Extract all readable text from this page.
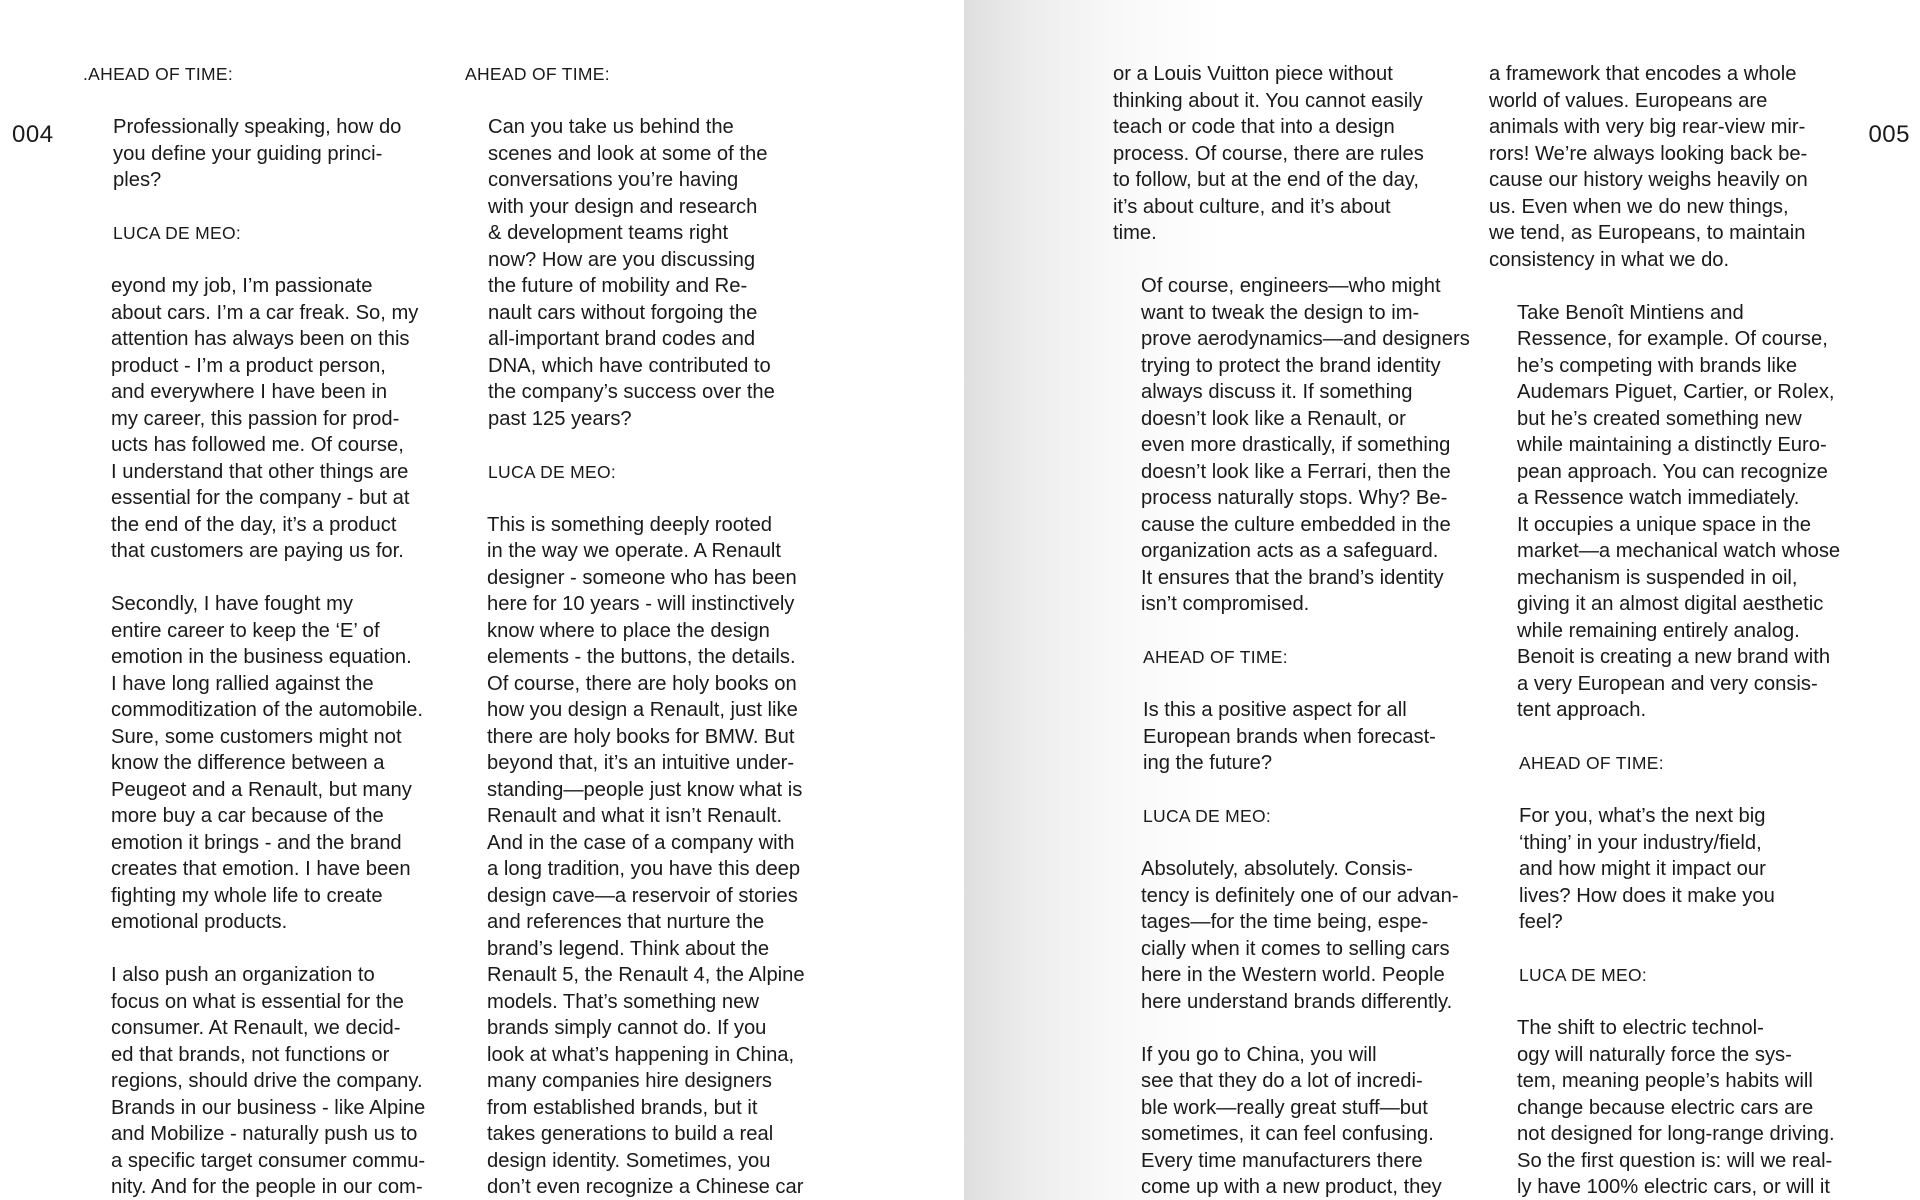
004
.AHEAD OF TIME:
Professionally speaking, how do
you define your guiding princi-
ples?
LUCA DE MEO:
eyond my job, I’m passionate
about cars. I’m a car freak. So, my
attention has always been on this
product - I’m a product person,
and everywhere I have been in
my career, this passion for prod-
ucts has followed me. Of course,
I understand that other things are
essential for the company - but at
the end of the day, it’s a product
that customers are paying us for.
Secondly, I have fought my
entire career to keep the ‘E’ of
emotion in the business equation.
I have long rallied against the
commoditization of the automobile.
Sure, some customers might not
know the difference between a
Peugeot and a Renault, but many
more buy a car because of the
emotion it brings - and the brand
creates that emotion. I have been
fighting my whole life to create
emotional products.
I also push an organization to
focus on what is essential for the
consumer. At Renault, we decid-
ed that brands, not functions or
regions, should drive the company.
Brands in our business - like Alpine
and Mobilize - naturally push us to
a specific target consumer commu-
nity. And for the people in our com-
AHEAD OF TIME:
Can you take us behind the
scenes and look at some of the
conversations you’re having
with your design and research
& development teams right
now? How are you discussing
the future of mobility and Re-
nault cars without forgoing the
all-important brand codes and
DNA, which have contributed to
the company’s success over the
past 125 years?
LUCA DE MEO:
This is something deeply rooted
in the way we operate. A Renault
designer - someone who has been
here for 10 years - will instinctively
know where to place the design
elements - the buttons, the details.
Of course, there are holy books on
how you design a Renault, just like
there are holy books for BMW. But
beyond that, it’s an intuitive under-
standing—people just know what is
Renault and what it isn’t Renault.
And in the case of a company with
a long tradition, you have this deep
design cave—a reservoir of stories
and references that nurture the
brand’s legend. Think about the
Renault 5, the Renault 4, the Alpine
models. That’s something new
brands simply cannot do. If you
look at what’s happening in China,
many companies hire designers
from established brands, but it
takes generations to build a real
design identity. Sometimes, you
don’t even recognize a Chinese car
005
or a Louis Vuitton piece without
thinking about it. You cannot easily
teach or code that into a design
process. Of course, there are rules
to follow, but at the end of the day,
it’s about culture, and it’s about
time.
Of course, engineers—who might
want to tweak the design to im-
prove aerodynamics—and designers
trying to protect the brand identity
always discuss it. If something
doesn’t look like a Renault, or
even more drastically, if something
doesn’t look like a Ferrari, then the
process naturally stops. Why? Be-
cause the culture embedded in the
organization acts as a safeguard.
It ensures that the brand’s identity
isn’t compromised.
AHEAD OF TIME:
Is this a positive aspect for all
European brands when forecast-
ing the future?
LUCA DE MEO:
Absolutely, absolutely. Consis-
tency is definitely one of our advan-
tages—for the time being, espe-
cially when it comes to selling cars
here in the Western world. People
here understand brands differently.
If you go to China, you will
see that they do a lot of incredi-
ble work—really great stuff—but
sometimes, it can feel confusing.
Every time manufacturers there
come up with a new product, they
a framework that encodes a whole
world of values. Europeans are
animals with very big rear-view mir-
rors! We’re always looking back be-
cause our history weighs heavily on
us. Even when we do new things,
we tend, as Europeans, to maintain
consistency in what we do.
Take Benoît Mintiens and
Ressence, for example. Of course,
he’s competing with brands like
Audemars Piguet, Cartier, or Rolex,
but he’s created something new
while maintaining a distinctly Euro-
pean approach. You can recognize
a Ressence watch immediately.
It occupies a unique space in the
market—a mechanical watch whose
mechanism is suspended in oil,
giving it an almost digital aesthetic
while remaining entirely analog.
Benoit is creating a new brand with
a very European and very consis-
tent approach.
AHEAD OF TIME:
For you, what’s the next big
‘thing’ in your industry/field,
and how might it impact our
lives? How does it make you
feel?
LUCA DE MEO:
The shift to electric technol-
ogy will naturally force the sys-
tem, meaning people’s habits will
change because electric cars are
not designed for long-range driving.
So the first question is: will we real-
ly have 100% electric cars, or will it
